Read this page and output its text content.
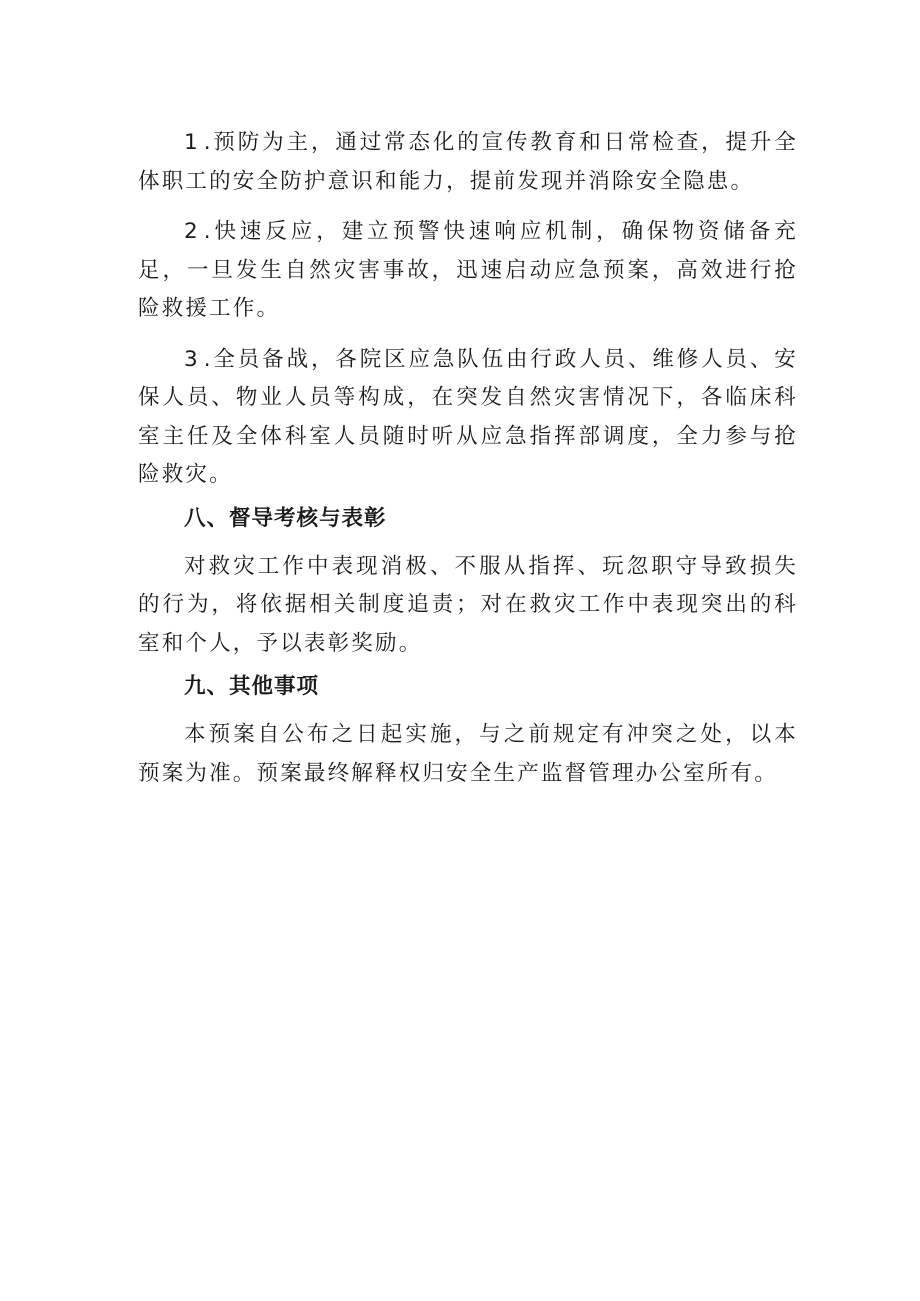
1.预防为主，通过常态化的宣传教育和日常检查，提升全体职工的安全防护意识和能力，提前发现并消除安全隐患。

2.快速反应，建立预警快速响应机制，确保物资储备充足，一旦发生自然灾害事故，迅速启动应急预案，高效进行抢险救援工作。

3.全员备战，各院区应急队伍由行政人员、维修人员、安保人员、物业人员等构成，在突发自然灾害情况下，各临床科室主任及全体科室人员随时听从应急指挥部调度，全力参与抢险救灾。

八、督导考核与表彰

对救灾工作中表现消极、不服从指挥、玩忽职守导致损失的行为，将依据相关制度追责；对在救灾工作中表现突出的科室和个人，予以表彰奖励。

九、其他事项

本预案自公布之日起实施，与之前规定有冲突之处，以本预案为准。预案最终解释权归安全生产监督管理办公室所有。
